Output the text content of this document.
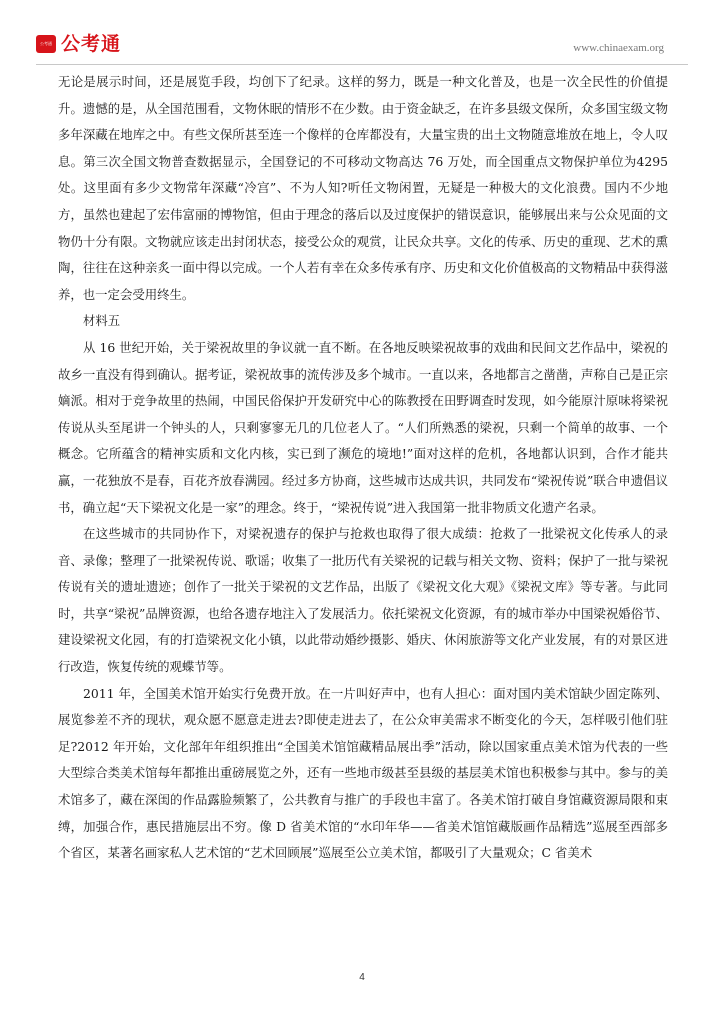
公考通 公考通	www.chinaexam.org

无论是展示时间，还是展览手段，均创下了纪录。这样的努力，既是一种文化普及，也是一次全民性的价值提升。遗憾的是，从全国范围看，文物休眠的情形不在少数。由于资金缺乏，在许多县级文保所，众多国宝级文物多年深藏在地库之中。有些文保所甚至连一个像样的仓库都没有，大量宝贵的出土文物随意堆放在地上，令人叹息。第三次全国文物普查数据显示，全国登记的不可移动文物高达 76 万处，而全国重点文物保护单位为4295 处。这里面有多少文物常年深藏“冷宫”、不为人知?听任文物闲置，无疑是一种极大的文化浪费。国内不少地方，虽然也建起了宏伟富丽的博物馆，但由于理念的落后以及过度保护的错误意识，能够展出来与公众见面的文物仍十分有限。文物就应该走出封闭状态，接受公众的观赏，让民众共享。文化的传承、历史的重现、艺术的熏陶，往往在这种亲炙一面中得以完成。一个人若有幸在众多传承有序、历史和文化价值极高的文物精品中获得滋养，也一定会受用终生。

材料五

从 16 世纪开始，关于梁祝故里的争议就一直不断。在各地反映梁祝故事的戏曲和民间文艺作品中，梁祝的故乡一直没有得到确认。据考证，梁祝故事的流传涉及多个城市。一直以来，各地都言之凿凿，声称自己是正宗嫡派。相对于竞争故里的热闹，中国民俗保护开发研究中心的陈教授在田野调查时发现，如今能原汁原味将梁祝传说从头至尾讲一个钟头的人，只剩寥寥无几的几位老人了。“人们所熟悉的梁祝，只剩一个简单的故事、一个概念。它所蕴含的精神实质和文化内核，实已到了濒危的境地!”面对这样的危机，各地都认识到，合作才能共赢，一花独放不是春，百花齐放春满园。经过多方协商，这些城市达成共识，共同发布“梁祝传说”联合申遗倡议书，确立起“天下梁祝文化是一家”的理念。终于，“梁祝传说”进入我国第一批非物质文化遗产名录。

在这些城市的共同协作下，对梁祝遗存的保护与抢救也取得了很大成绩：抢救了一批梁祝文化传承人的录音、录像；整理了一批梁祝传说、歌谣；收集了一批历代有关梁祝的记载与相关文物、资料；保护了一批与梁祝传说有关的遗址遗迹；创作了一批关于梁祝的文艺作品，出版了《梁祝文化大观》《梁祝文库》等专著。与此同时，共享“梁祝”品牌资源，也给各遗存地注入了发展活力。依托梁祝文化资源，有的城市举办中国梁祝婚俗节、建设梁祝文化园，有的打造梁祝文化小镇，以此带动婚纱摄影、婚庆、休闲旅游等文化产业发展，有的对景区进行改造，恢复传统的观蝶节等。

2011 年，全国美术馆开始实行免费开放。在一片叫好声中，也有人担心：面对国内美术馆缺少固定陈列、展览参差不齐的现状，观众愿不愿意走进去?即使走进去了，在公众审美需求不断变化的今天，怎样吸引他们驻足?2012 年开始，文化部年年组织推出“全国美术馆馆藏精品展出季”活动，除以国家重点美术馆为代表的一些大型综合类美术馆每年都推出重磅展览之外，还有一些地市级甚至县级的基层美术馆也积极参与其中。参与的美术馆多了，藏在深闺的作品露脸频繁了，公共教育与推广的手段也丰富了。各美术馆打破自身馆藏资源局限和束缚，加强合作，惠民措施层出不穷。像 D 省美术馆的“水印年华——省美术馆馆藏版画作品精选”巡展至西部多个省区，某著名画家私人艺术馆的“艺术回顾展”巡展至公立美术馆，都吸引了大量观众；C 省美术

4
